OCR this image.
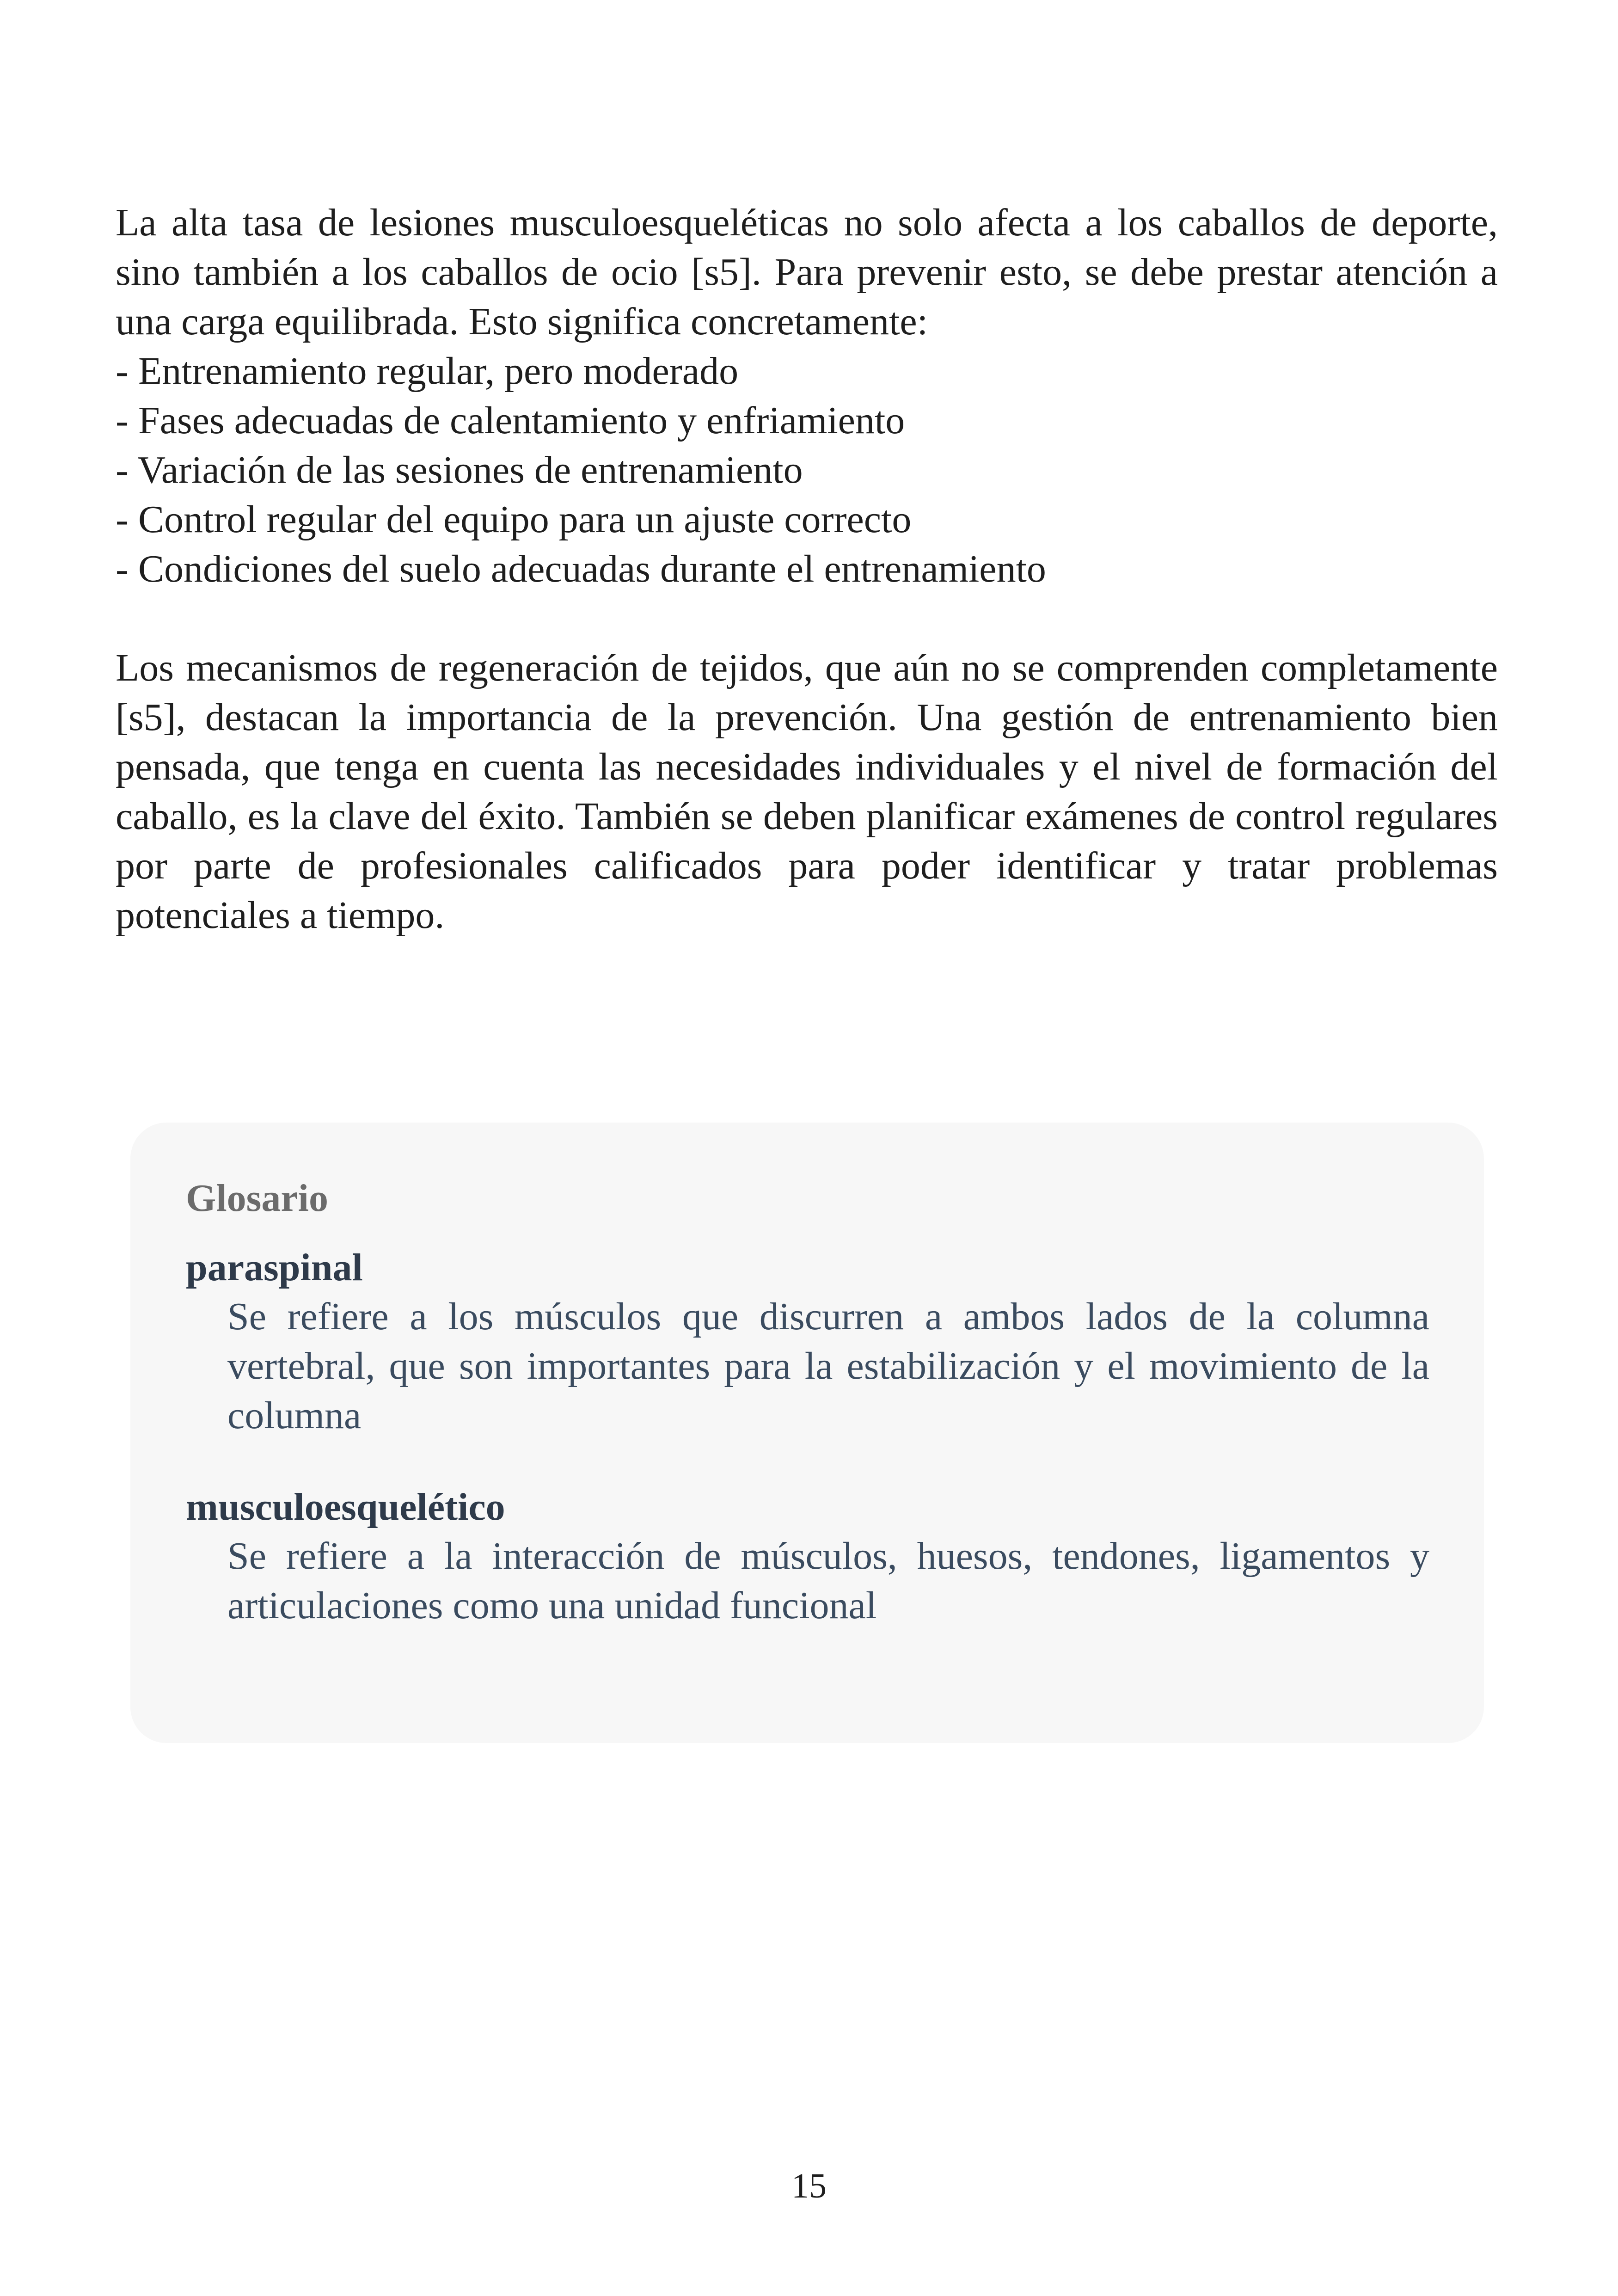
La alta tasa de lesiones musculoesqueléticas no solo afecta a los caballos de deporte, sino también a los caballos de ocio [s5]. Para prevenir esto, se debe prestar atención a una carga equilibrada. Esto significa concretamente:

- Entrenamiento regular, pero moderado
- Fases adecuadas de calentamiento y enfriamiento
- Variación de las sesiones de entrenamiento
- Control regular del equipo para un ajuste correcto
- Condiciones del suelo adecuadas durante el entrenamiento

Los mecanismos de regeneración de tejidos, que aún no se comprenden completamente [s5], destacan la importancia de la prevención. Una gestión de entrenamiento bien pensada, que tenga en cuenta las necesidades individuales y el nivel de formación del caballo, es la clave del éxito. También se deben planificar exámenes de control regulares por parte de profesionales calificados para poder identificar y tratar problemas potenciales a tiempo.

Glosario

paraspinal

Se refiere a los músculos que discurren a ambos lados de la columna vertebral, que son importantes para la estabilización y el movimiento de la columna

musculoesquelético

Se refiere a la interacción de músculos, huesos, tendones, ligamentos y articulaciones como una unidad funcional

15
